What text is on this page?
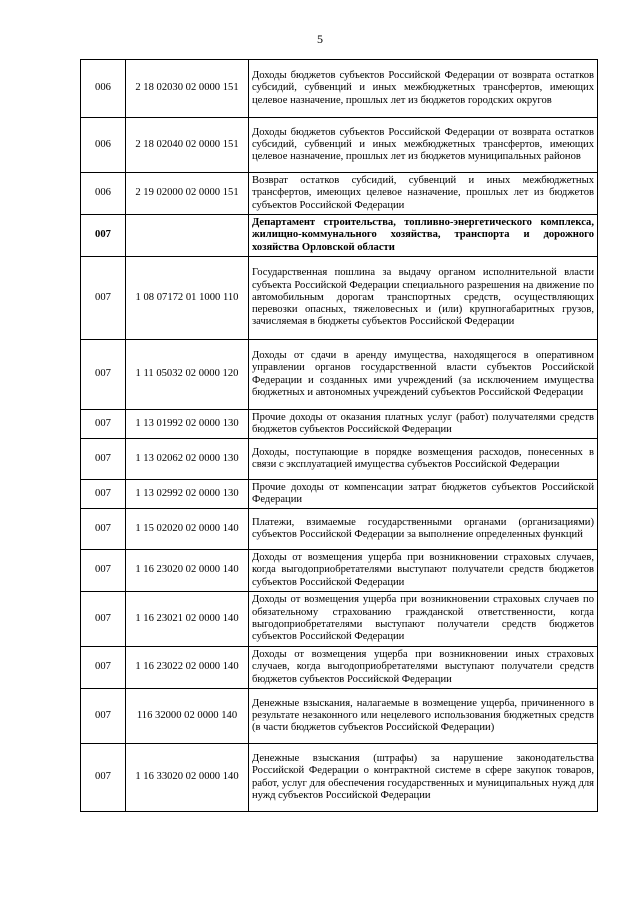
5
006	2 18 02030 02 0000 151	Доходы бюджетов субъектов Российской Федерации от возврата остатков субсидий, субвенций и иных межбюджетных трансфертов, имеющих целевое назначение, прошлых лет из бюджетов городских округов
006	2 18 02040 02 0000 151	Доходы бюджетов субъектов Российской Федерации от возврата остатков субсидий, субвенций и иных межбюджетных трансфертов, имеющих целевое назначение, прошлых лет из бюджетов муниципальных районов
006	2 19 02000 02 0000 151	Возврат остатков субсидий, субвенций и иных межбюджетных трансфертов, имеющих целевое назначение, прошлых лет из бюджетов субъектов Российской Федерации
007		Департамент строительства, топливно-энергетического комплекса, жилищно-коммунального хозяйства, транспорта и дорожного хозяйства Орловской области
007	1 08 07172 01 1000 110	Государственная пошлина за выдачу органом исполнительной власти субъекта Российской Федерации специального разрешения на движение по автомобильным дорогам транспортных средств, осуществляющих перевозки опасных, тяжеловесных и (или) крупногабаритных грузов, зачисляемая в бюджеты субъектов Российской Федерации
007	1 11 05032 02 0000 120	Доходы от сдачи в аренду имущества, находящегося в оперативном управлении органов государственной власти субъектов Российской Федерации и созданных ими учреждений (за исключением имущества бюджетных и автономных учреждений субъектов Российской Федерации
007	1 13 01992 02 0000 130	Прочие доходы от оказания платных услуг (работ) получателями средств бюджетов субъектов Российской Федерации
007	1 13 02062 02 0000 130	Доходы, поступающие в порядке возмещения расходов, понесенных в связи с эксплуатацией имущества субъектов Российской Федерации
007	1 13 02992 02 0000 130	Прочие доходы от компенсации затрат бюджетов субъектов Российской Федерации
007	1 15 02020 02 0000 140	Платежи, взимаемые государственными органами (организациями) субъектов Российской Федерации за выполнение определенных функций
007	1 16 23020 02 0000 140	Доходы от возмещения ущерба при возникновении страховых случаев, когда выгодоприобретателями выступают получатели средств бюджетов субъектов Российской Федерации
007	1 16 23021 02 0000 140	Доходы от возмещения ущерба при возникновении страховых случаев по обязательному страхованию гражданской ответственности, когда выгодоприобретателями выступают получатели средств бюджетов субъектов Российской Федерации
007	1 16 23022 02 0000 140	Доходы от возмещения ущерба при возникновении иных страховых случаев, когда выгодоприобретателями выступают получатели средств бюджетов субъектов Российской Федерации
007	116 32000 02 0000 140	Денежные взыскания, налагаемые в возмещение ущерба, причиненного в результате незаконного или нецелевого использования бюджетных средств (в части бюджетов субъектов Российской Федерации)
007	1 16 33020 02 0000 140	Денежные взыскания (штрафы) за нарушение законодательства Российской Федерации о контрактной системе в сфере закупок товаров, работ, услуг для обеспечения государственных и муниципальных нужд для нужд субъектов Российской Федерации
